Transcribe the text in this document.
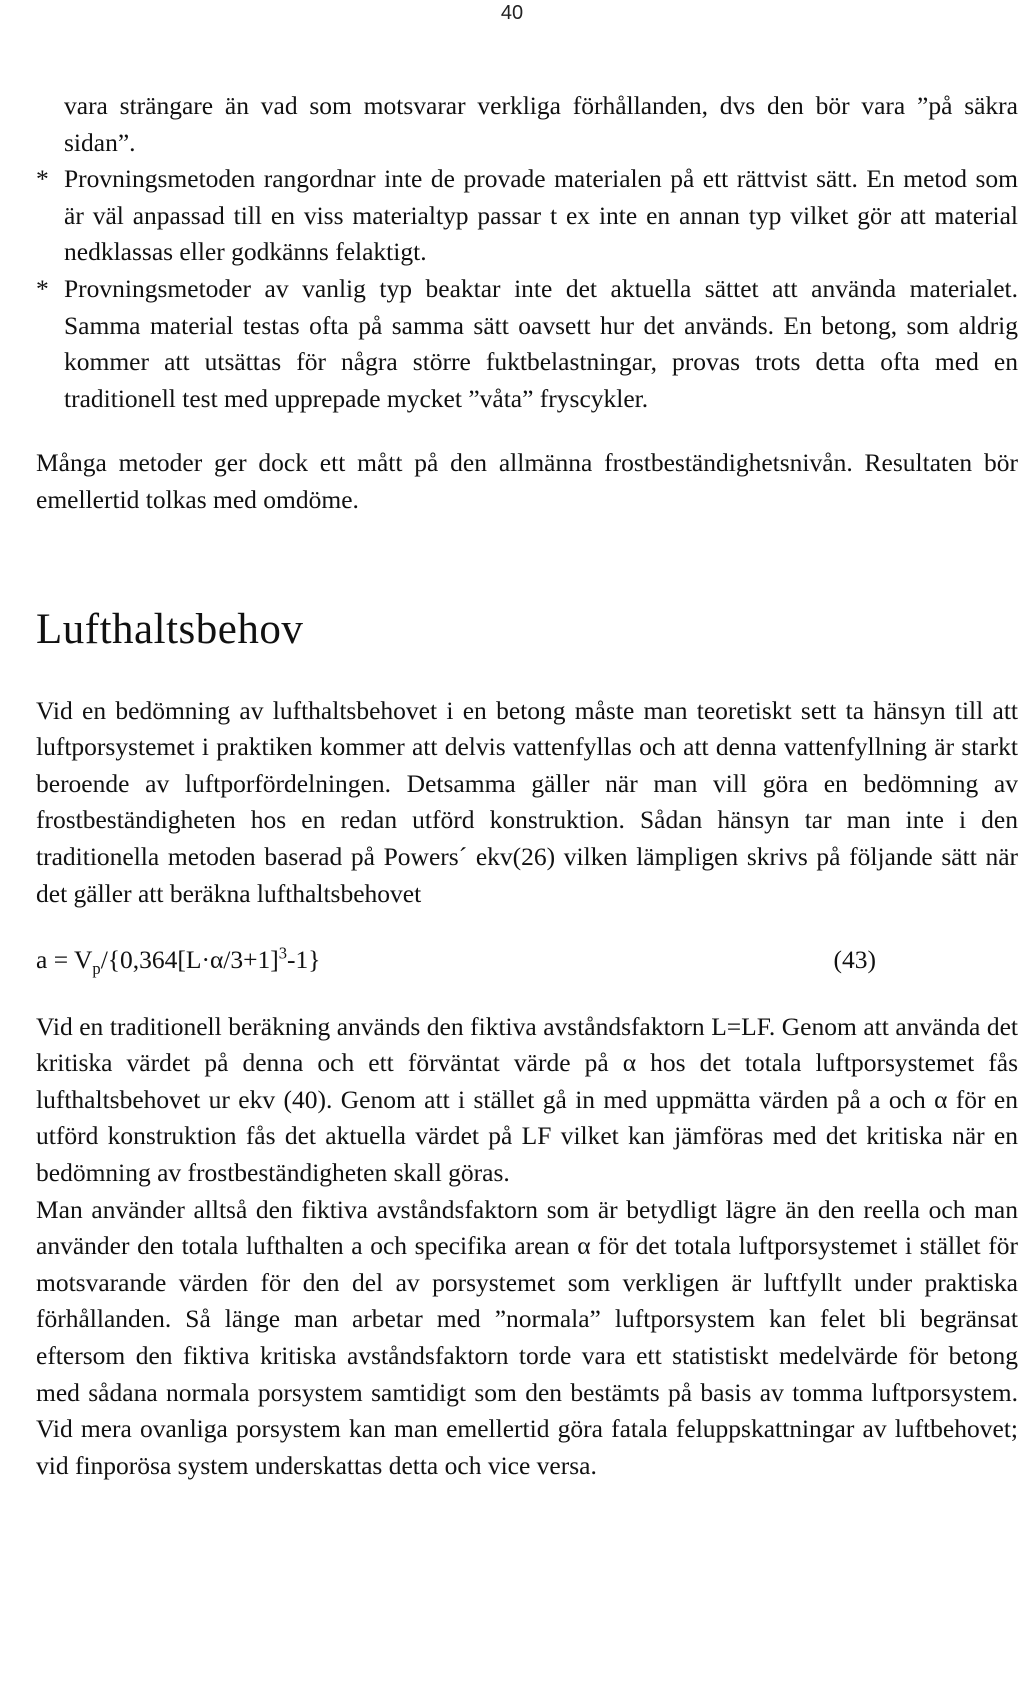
40
vara strängare än vad som motsvarar verkliga förhållanden, dvs den bör vara ”på säkra sidan”.
* Provningsmetoden rangordnar inte de provade materialen på ett rättvist sätt. En metod som är väl anpassad till en viss materialtyp passar t ex inte en annan typ vilket gör att material nedklassas eller godkänns felaktigt.
* Provningsmetoder av vanlig typ beaktar inte det aktuella sättet att använda materialet. Samma material testas ofta på samma sätt oavsett hur det används. En betong, som aldrig kommer att utsättas för några större fuktbelastningar, provas trots detta ofta med en traditionell test med upprepade mycket ”våta” fryscykler.

Många metoder ger dock ett mått på den allmänna frostbeständighetsnivån. Resultaten bör emellertid tolkas med omdöme.

Lufthaltsbehov

Vid en bedömning av lufthaltsbehovet i en betong måste man teoretiskt sett ta hänsyn till att luftporsystemet i praktiken kommer att delvis vattenfyllas och att denna vattenfyllning är starkt beroende av luftporfördelningen. Detsamma gäller när man vill göra en bedömning av frostbeständigheten hos en redan utförd konstruktion. Sådan hänsyn tar man inte i den traditionella metoden baserad på Powers´ ekv(26) vilken lämpligen skrivs på följande sätt när det gäller att beräkna lufthaltsbehovet

$a = V_p/\{0,364[L\cdot\alpha/3+1]^3-1\}$	(43)

Vid en traditionell beräkning används den fiktiva avståndsfaktorn L=LF. Genom att använda det kritiska värdet på denna och ett förväntat värde på α hos det totala luftporsystemet fås lufthaltsbehovet ur ekv (40). Genom att i stället gå in med uppmätta värden på a och α för en utförd konstruktion fås det aktuella värdet på LF vilket kan jämföras med det kritiska när en bedömning av frostbeständigheten skall göras.

Man använder alltså den fiktiva avståndsfaktorn som är betydligt lägre än den reella och man använder den totala lufthalten a och specifika arean α för det totala luftporsystemet i stället för motsvarande värden för den del av porsystemet som verkligen är luftfyllt under praktiska förhållanden. Så länge man arbetar med ”normala” luftporsystem kan felet bli begränsat eftersom den fiktiva kritiska avståndsfaktorn torde vara ett statistiskt medelvärde för betong med sådana normala porsystem samtidigt som den bestämts på basis av tomma luftporsystem. Vid mera ovanliga porsystem kan man emellertid göra fatala feluppskattningar av luftbehovet; vid finporösa system underskattas detta och vice versa.
